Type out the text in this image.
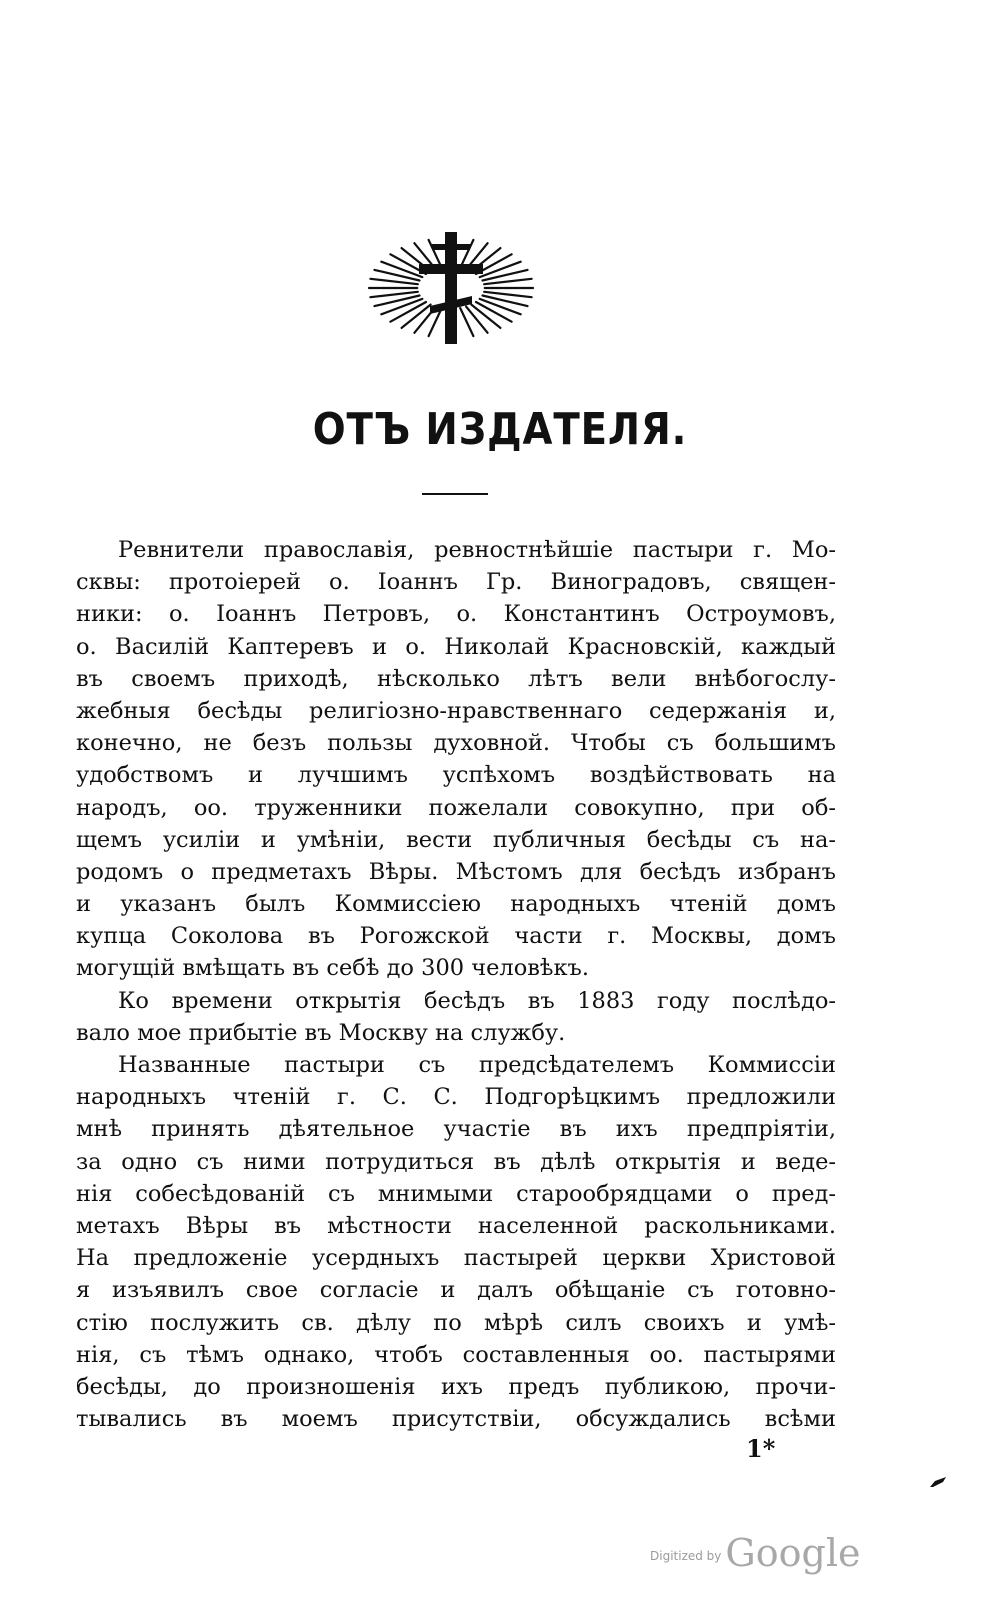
ОТЪ ИЗДАТЕЛЯ.
Ревнители православія, ревностнѣйшіе пастыри г. Мо-
сквы: протоіерей о. Іоаннъ Гр. Виноградовъ, священ-
ники: о. Іоаннъ Петровъ, о. Константинъ Остроумовъ,
о. Василій Каптеревъ и о. Николай Красновскій, каждый
въ своемъ приходѣ, нѣсколько лѣтъ вели внѣбогослу-
жебныя бесѣды религіозно-нравственнаго седержанія и,
конечно, не безъ пользы духовной. Чтобы съ большимъ
удобствомъ и лучшимъ успѣхомъ воздѣйствовать на
народъ, оо. труженники пожелали совокупно, при об-
щемъ усиліи и умѣніи, вести публичныя бесѣды съ на-
родомъ о предметахъ Вѣры. Мѣстомъ для бесѣдъ избранъ
и указанъ былъ Коммиссіею народныхъ чтеній домъ
купца Соколова въ Рогожской части г. Москвы, домъ
могущій вмѣщать въ себѣ до 300 человѣкъ.
Ко времени открытія бесѣдъ въ 1883 году послѣдо-
вало мое прибытіе въ Москву на службу.
Названные пастыри съ предсѣдателемъ Коммиссіи
народныхъ чтеній г. С. С. Подгорѣцкимъ предложили
мнѣ принять дѣятельное участіе въ ихъ предпріятіи,
за одно съ ними потрудиться въ дѣлѣ открытія и веде-
нія собесѣдованій съ мнимыми старообрядцами о пред-
метахъ Вѣры въ мѣстности населенной раскольниками.
На предложеніе усердныхъ пастырей церкви Христовой
я изъявилъ свое согласіе и далъ обѣщаніе съ готовно-
стію послужить св. дѣлу по мѣрѣ силъ своихъ и умѣ-
нія, съ тѣмъ однако, чтобъ составленныя оо. пастырями
бесѣды, до произношенія ихъ предъ публикою, прочи-
тывались въ моемъ присутствіи, обсуждались всѣми
1*
$^{Digitized by}$ Google
